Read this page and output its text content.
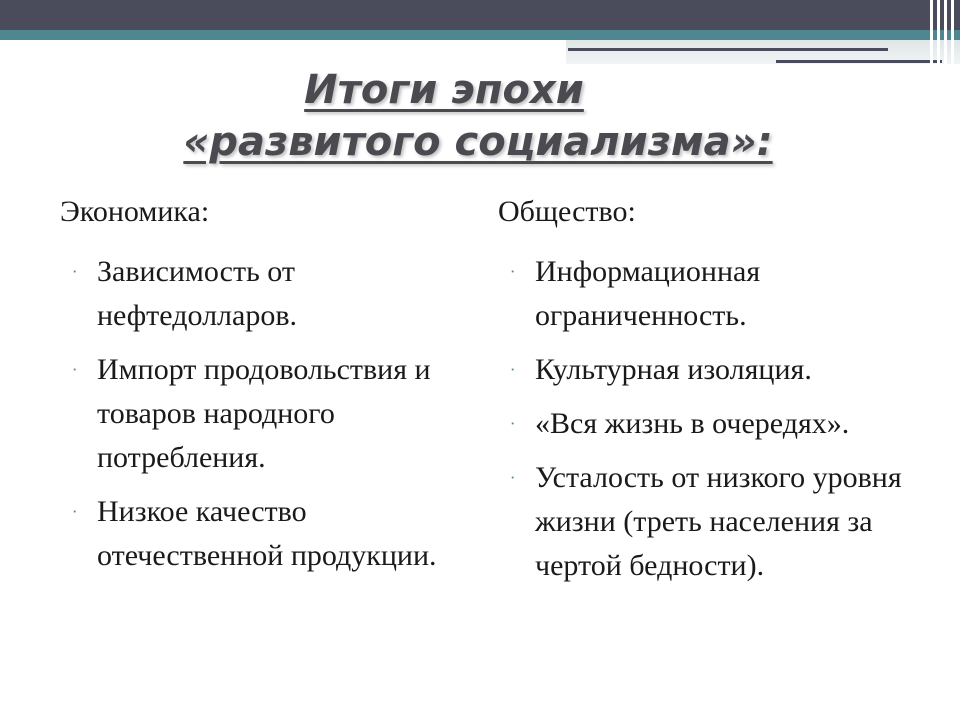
Итоги эпохи
«развитого социализма»:
Экономика:
ᐧ Зависимость от нефтедолларов.
ᐧ Импорт продовольствия и товаров народного потребления.
ᐧ Низкое качество отечественной продукции.
Общество:
ᐧ Информационная ограниченность.
ᐧ Культурная изоляция.
ᐧ «Вся жизнь в очередях».
ᐧ Усталость от низкого уровня жизни (треть населения за чертой бедности).
